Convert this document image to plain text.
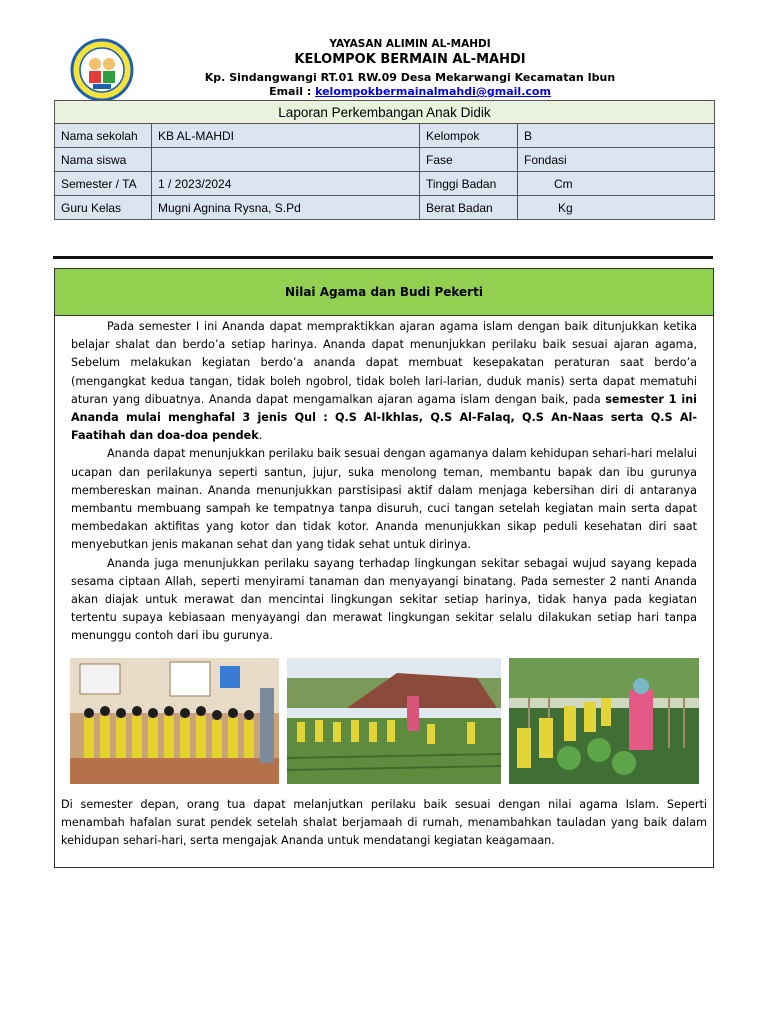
YAYASAN ALIMIN AL-MAHDI
KELOMPOK BERMAIN AL-MAHDI
Kp. Sindangwangi RT.01 RW.09 Desa Mekarwangi Kecamatan Ibun
Email : kelompokbermainalmahdi@gmail.com
Laporan Perkembangan Anak Didik			
Nama sekolah	KB AL-MAHDI	Kelompok	B
Nama siswa		Fase	Fondasi
Semester / TA	1 / 2023/2024	Tinggi Badan	Cm
Guru Kelas	Mugni Agnina Rysna, S.Pd	Berat Badan	Kg
Nilai Agama dan Budi Pekerti

Pada semester I ini Ananda dapat mempraktikkan ajaran agama islam dengan baik ditunjukkan ketika belajar shalat dan berdo’a setiap harinya. Ananda dapat menunjukkan perilaku baik sesuai ajaran agama, Sebelum melakukan kegiatan berdo’a ananda dapat membuat kesepakatan peraturan saat berdo’a (mengangkat kedua tangan, tidak boleh ngobrol, tidak boleh lari-larian, duduk manis) serta dapat mematuhi aturan yang dibuatnya. Ananda dapat mengamalkan ajaran agama islam dengan baik, pada semester 1 ini Ananda mulai menghafal 3 jenis Qul : Q.S Al-Ikhlas, Q.S Al-Falaq, Q.S An-Naas serta Q.S Al-Faatihah dan doa-doa pendek.

Ananda dapat menunjukkan perilaku baik sesuai dengan agamanya dalam kehidupan sehari-hari melalui ucapan dan perilakunya seperti santun, jujur, suka menolong teman, membantu bapak dan ibu gurunya membereskan mainan. Ananda menunjukkan parstisipasi aktif dalam menjaga kebersihan diri di antaranya membantu membuang sampah ke tempatnya tanpa disuruh, cuci tangan setelah kegiatan main serta dapat membedakan aktifitas yang kotor dan tidak kotor. Ananda menunjukkan sikap peduli kesehatan diri saat menyebutkan jenis makanan sehat dan yang tidak sehat untuk dirinya.

Ananda juga menunjukkan perilaku sayang terhadap lingkungan sekitar sebagai wujud sayang kepada sesama ciptaan Allah, seperti menyirami tanaman dan menyayangi binatang. Pada semester 2 nanti Ananda akan diajak untuk merawat dan mencintai lingkungan sekitar setiap harinya, tidak hanya pada kegiatan tertentu supaya kebiasaan menyayangi dan merawat lingkungan sekitar selalu dilakukan setiap hari tanpa menunggu contoh dari ibu gurunya.

Di semester depan, orang tua dapat melanjutkan perilaku baik sesuai dengan nilai agama Islam. Seperti menambah hafalan surat pendek setelah shalat berjamaah di rumah, menambahkan tauladan yang baik dalam kehidupan sehari-hari, serta mengajak Ananda untuk mendatangi kegiatan keagamaan.
